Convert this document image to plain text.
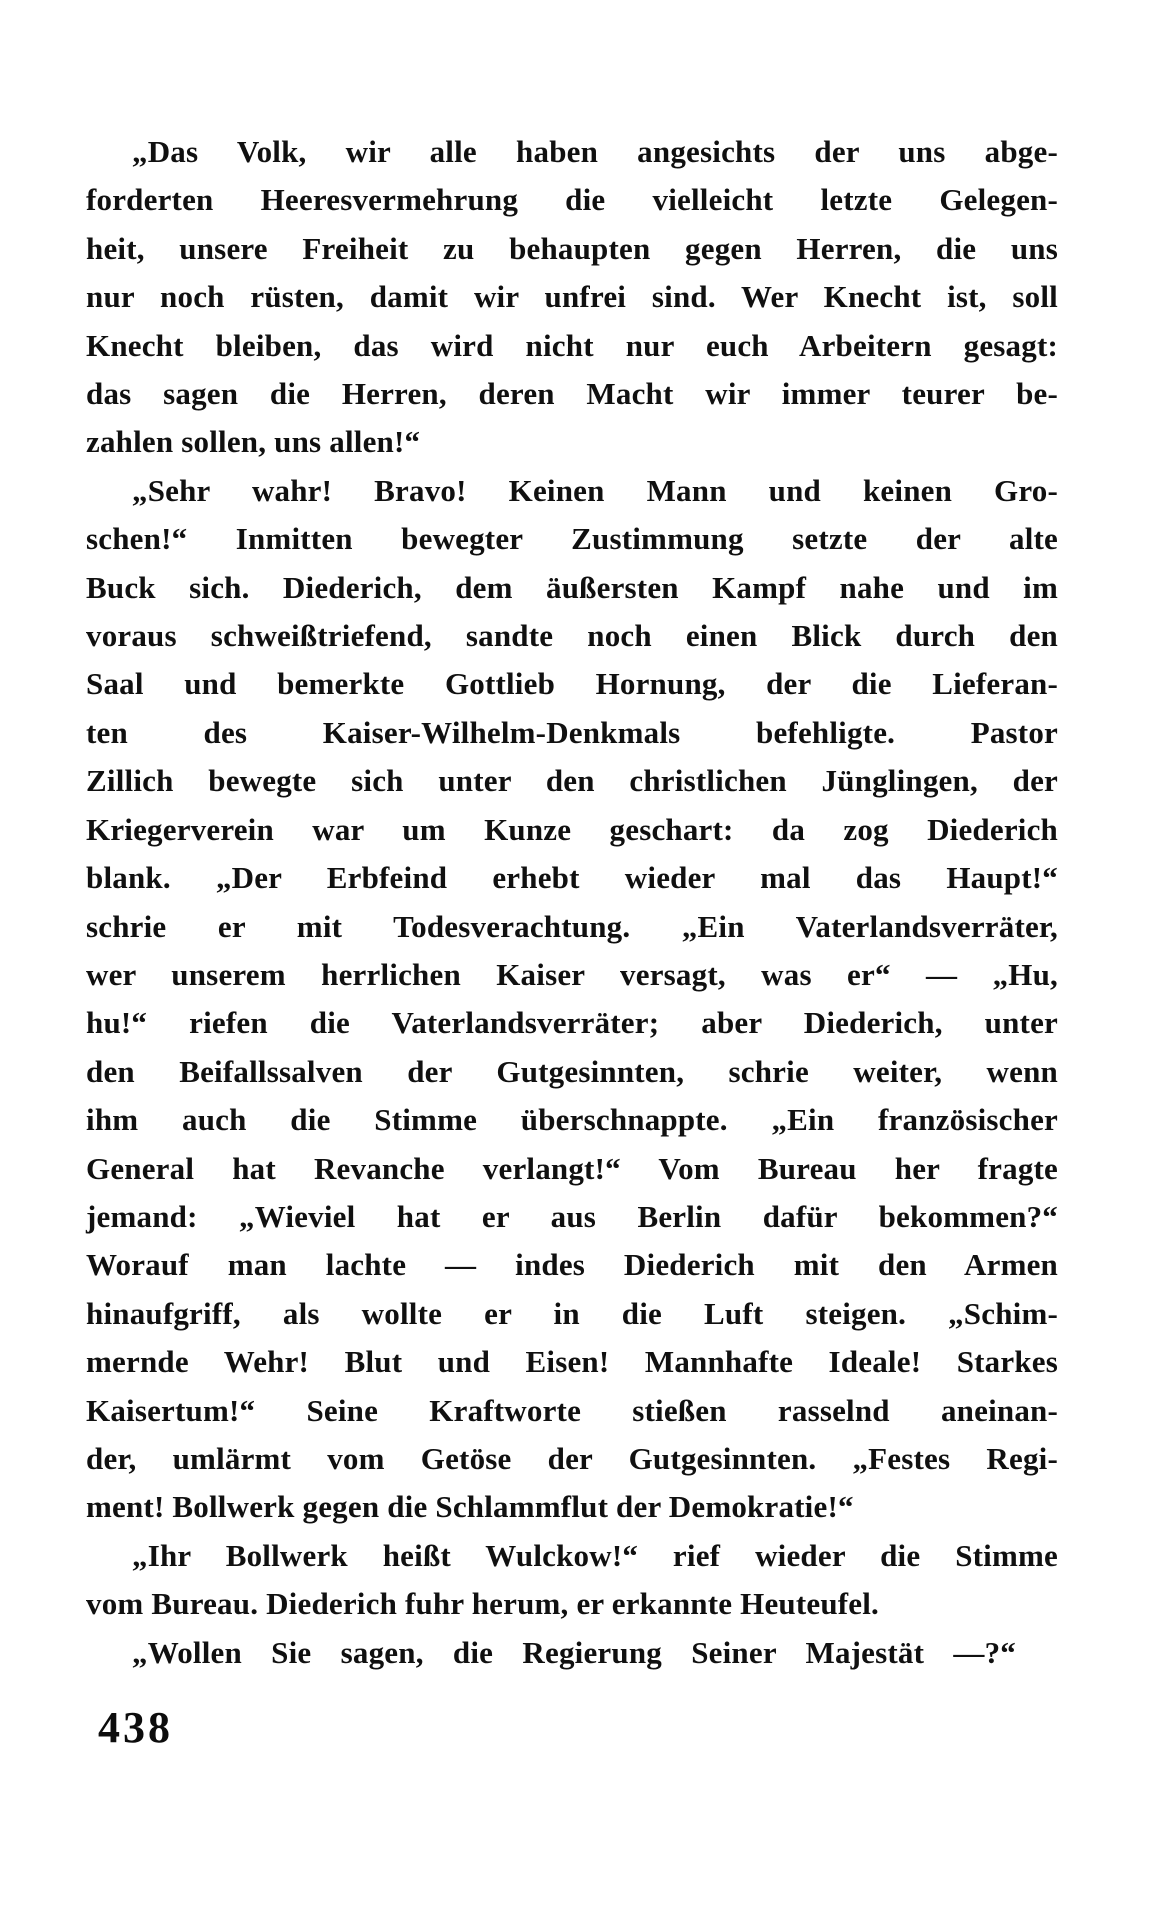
„Das Volk, wir alle haben angesichts der uns abge-
forderten Heeresvermehrung die vielleicht letzte Gelegen-
heit, unsere Freiheit zu behaupten gegen Herren, die uns
nur noch rüsten, damit wir unfrei sind. Wer Knecht ist, soll
Knecht bleiben, das wird nicht nur euch Arbeitern gesagt:
das sagen die Herren, deren Macht wir immer teurer be-
zahlen sollen, uns allen!“
„Sehr wahr! Bravo! Keinen Mann und keinen Gro-
schen!“ Inmitten bewegter Zustimmung setzte der alte
Buck sich. Diederich, dem äußersten Kampf nahe und im
voraus schweißtriefend, sandte noch einen Blick durch den
Saal und bemerkte Gottlieb Hornung, der die Lieferan-
ten des Kaiser-Wilhelm-Denkmals befehligte. Pastor
Zillich bewegte sich unter den christlichen Jünglingen, der
Kriegerverein war um Kunze geschart: da zog Diederich
blank. „Der Erbfeind erhebt wieder mal das Haupt!“
schrie er mit Todesverachtung. „Ein Vaterlandsverräter,
wer unserem herrlichen Kaiser versagt, was er“ — „Hu,
hu!“ riefen die Vaterlandsverräter; aber Diederich, unter
den Beifallssalven der Gutgesinnten, schrie weiter, wenn
ihm auch die Stimme überschnappte. „Ein französischer
General hat Revanche verlangt!“ Vom Bureau her fragte
jemand: „Wieviel hat er aus Berlin dafür bekommen?“
Worauf man lachte — indes Diederich mit den Armen
hinaufgriff, als wollte er in die Luft steigen. „Schim-
mernde Wehr! Blut und Eisen! Mannhafte Ideale! Starkes
Kaisertum!“ Seine Kraftworte stießen rasselnd aneinan-
der, umlärmt vom Getöse der Gutgesinnten. „Festes Regi-
ment! Bollwerk gegen die Schlammflut der Demokratie!“
„Ihr Bollwerk heißt Wulckow!“ rief wieder die Stimme
vom Bureau. Diederich fuhr herum, er erkannte Heuteufel.
„Wollen Sie sagen, die Regierung Seiner Majestät —?“
438
